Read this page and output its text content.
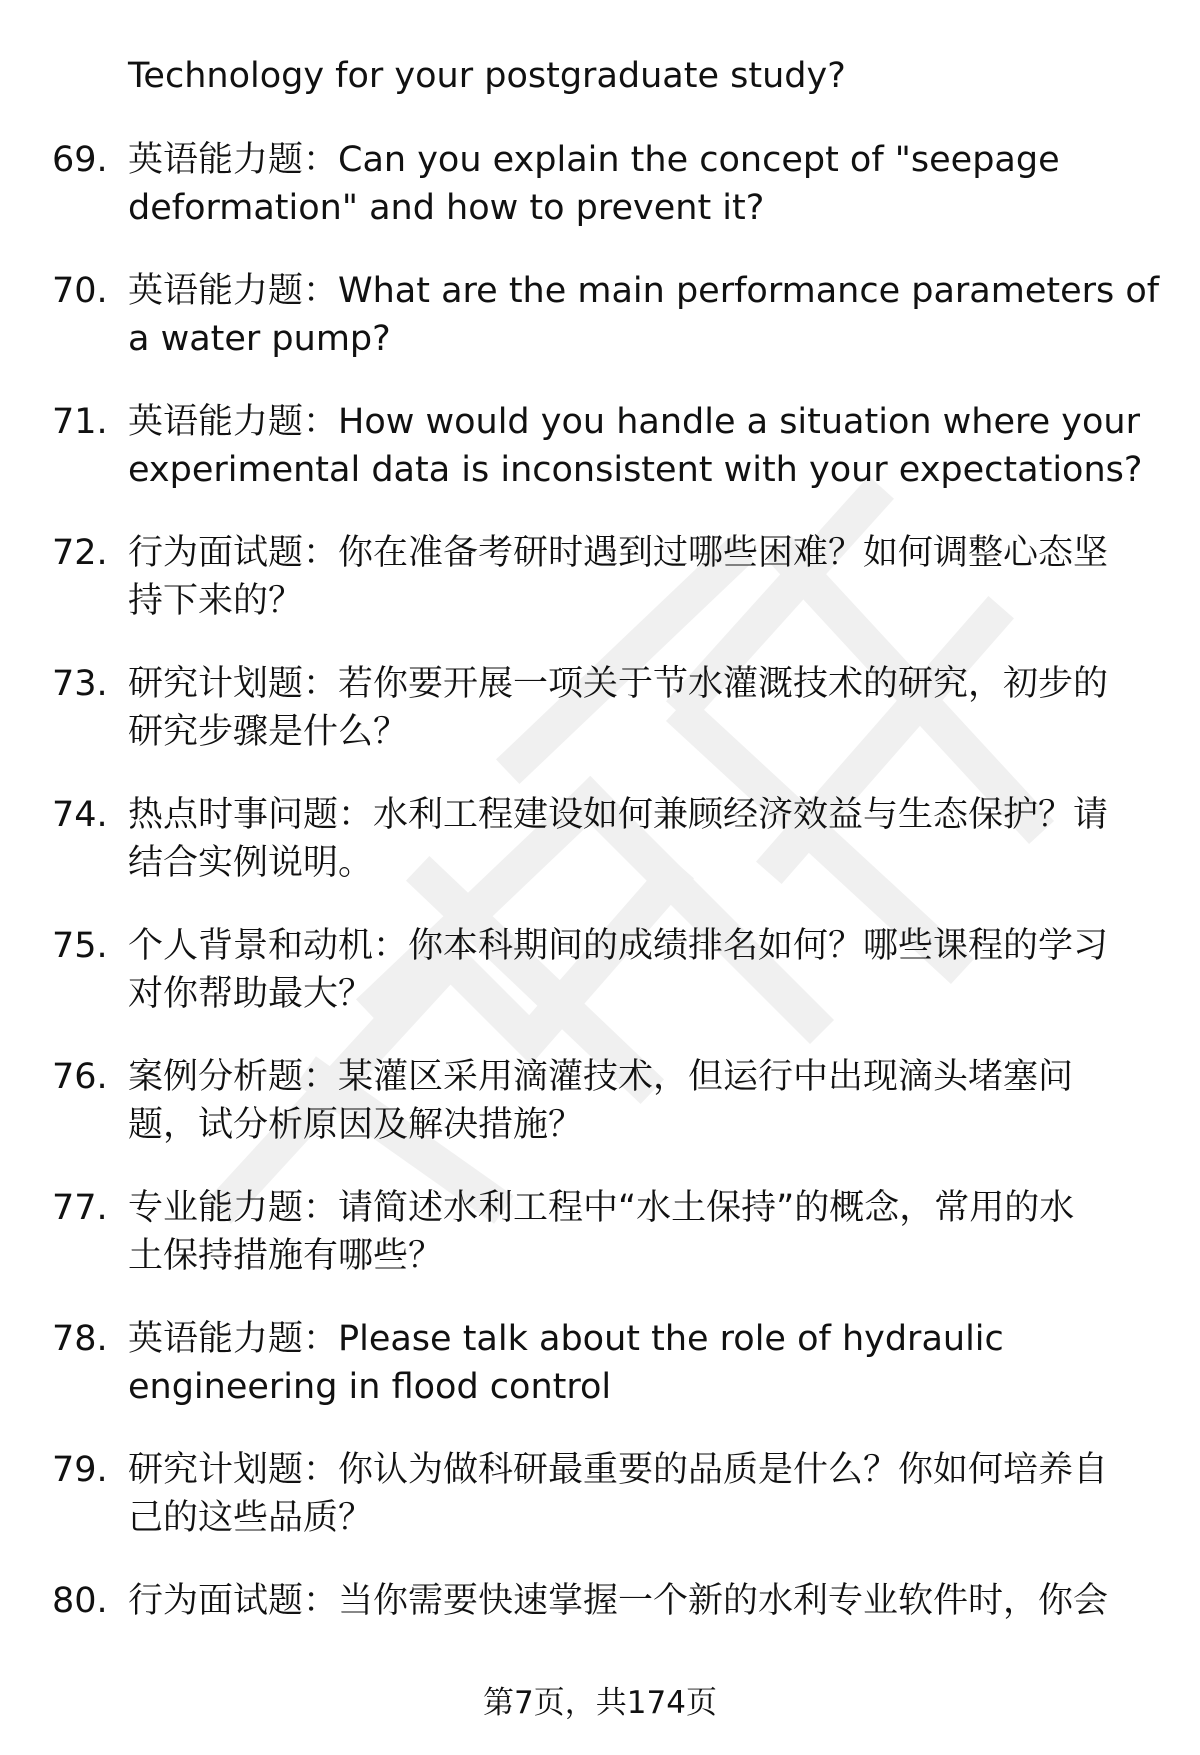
Technology for your postgraduate study?
69. 英语能力题：Can you explain the concept of "seepage
deformation" and how to prevent it?
70. 英语能力题：What are the main performance parameters of
a water pump?
71. 英语能力题：How would you handle a situation where your
experimental data is inconsistent with your expectations?
72. 行为面试题：你在准备考研时遇到过哪些困难？如何调整心态坚
持下来的？
73. 研究计划题：若你要开展一项关于节水灌溉技术的研究，初步的
研究步骤是什么？
74. 热点时事问题：水利工程建设如何兼顾经济效益与生态保护？请
结合实例说明。
75. 个人背景和动机：你本科期间的成绩排名如何？哪些课程的学习
对你帮助最大？
76. 案例分析题：某灌区采用滴灌技术，但运行中出现滴头堵塞问
题，试分析原因及解决措施？
77. 专业能力题：请简述水利工程中“水土保持”的概念，常用的水
土保持措施有哪些？
78. 英语能力题：Please talk about the role of hydraulic
engineering in flood control
79. 研究计划题：你认为做科研最重要的品质是什么？你如何培养自
己的这些品质？
80. 行为面试题：当你需要快速掌握一个新的水利专业软件时，你会
第7页，共174页
